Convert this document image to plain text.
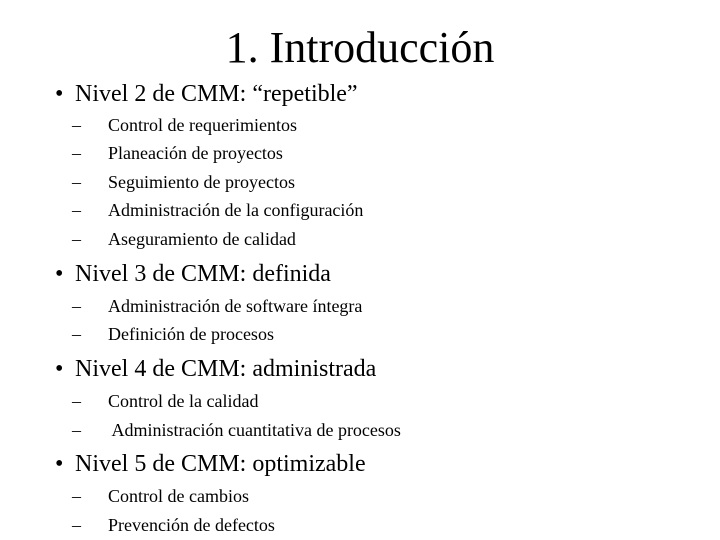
1. Introducción
• Nivel 2 de CMM: “repetible”
–	Control de requerimientos
–	Planeación de proyectos
–	Seguimiento de proyectos
–	Administración de la configuración
–	Aseguramiento de calidad
• Nivel 3 de CMM: definida
–	Administración de software íntegra
–	Definición de procesos
• Nivel 4 de CMM: administrada
–	Control de la calidad
–	Administración cuantitativa de procesos
• Nivel 5 de CMM: optimizable
–	Control de cambios
–	Prevención de defectos
